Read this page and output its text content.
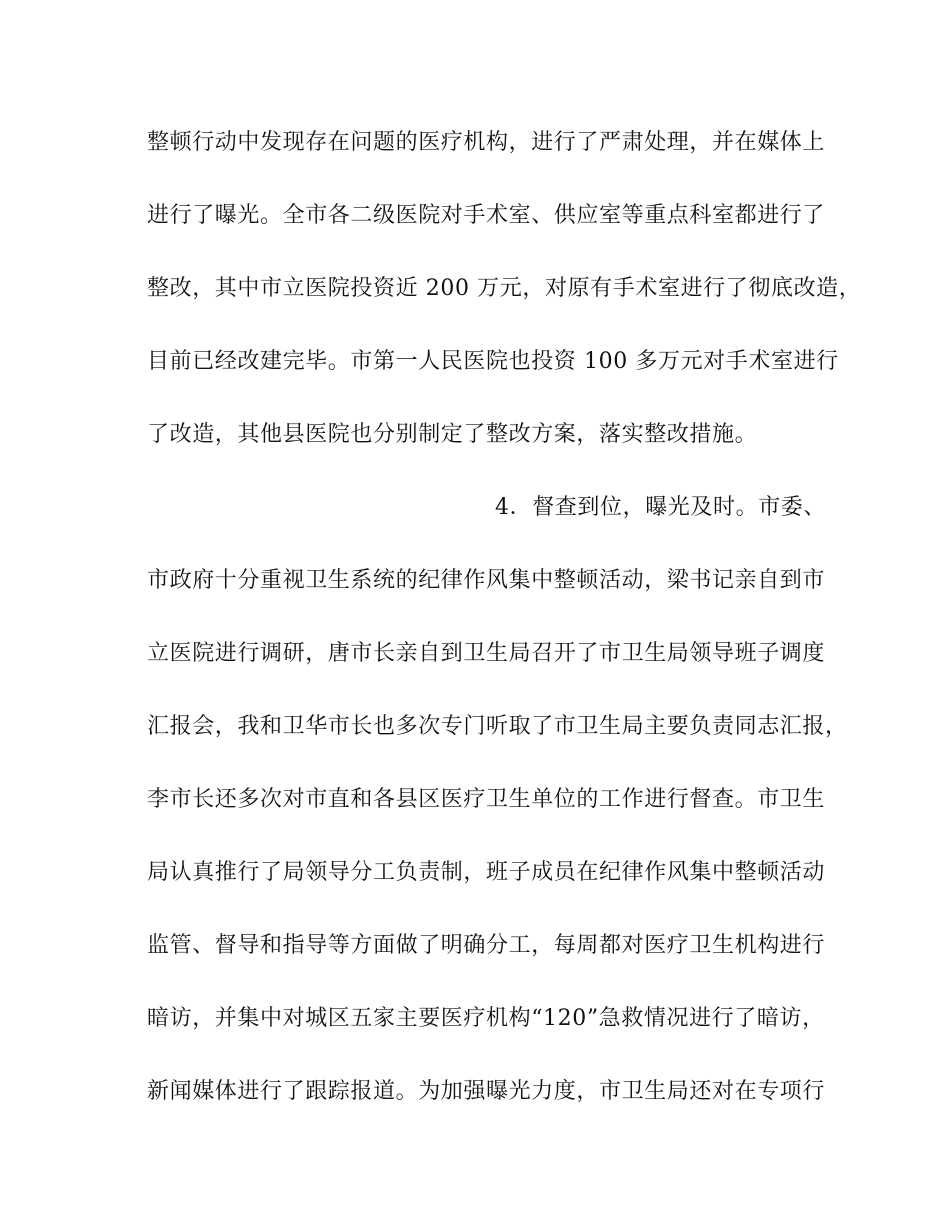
整顿行动中发现存在问题的医疗机构，进行了严肃处理，并在媒体上
进行了曝光。全市各二级医院对手术室、供应室等重点科室都进行了
整改，其中市立医院投资近 200 万元，对原有手术室进行了彻底改造，
目前已经改建完毕。市第一人民医院也投资 100 多万元对手术室进行
了改造，其他县医院也分别制定了整改方案，落实整改措施。
4．督查到位，曝光及时。市委、
市政府十分重视卫生系统的纪律作风集中整顿活动，梁书记亲自到市
立医院进行调研，唐市长亲自到卫生局召开了市卫生局领导班子调度
汇报会，我和卫华市长也多次专门听取了市卫生局主要负责同志汇报，
李市长还多次对市直和各县区医疗卫生单位的工作进行督查。市卫生
局认真推行了局领导分工负责制，班子成员在纪律作风集中整顿活动
监管、督导和指导等方面做了明确分工，每周都对医疗卫生机构进行
暗访，并集中对城区五家主要医疗机构“120”急救情况进行了暗访，
新闻媒体进行了跟踪报道。为加强曝光力度，市卫生局还对在专项行
